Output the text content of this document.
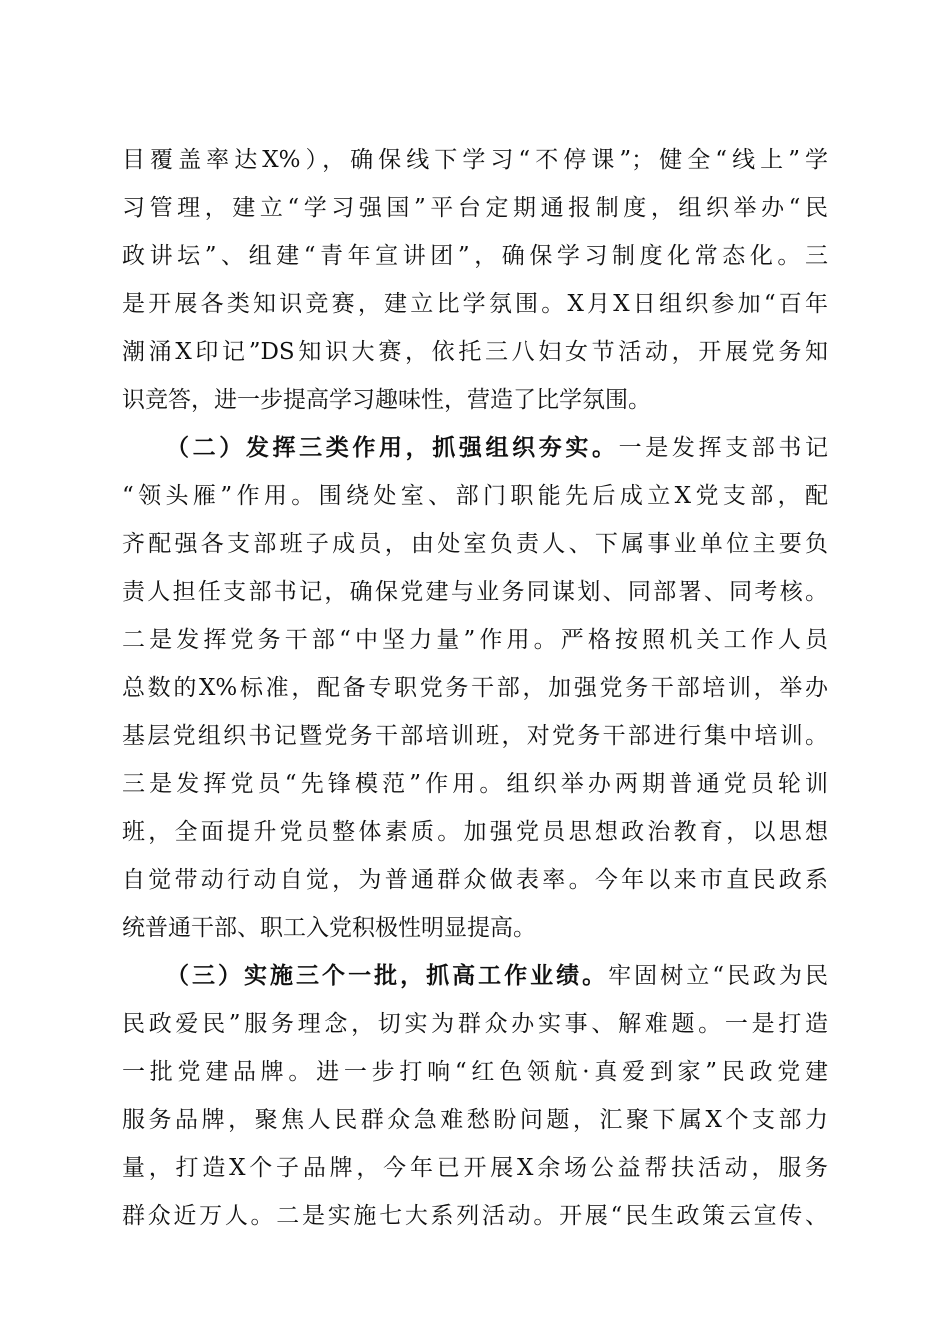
目覆盖率达X%），确保线下学习“不停课”；健全“线上”学

习管理，建立“学习强国”平台定期通报制度，组织举办“民

政讲坛”、组建“青年宣讲团”，确保学习制度化常态化。三

是开展各类知识竞赛，建立比学氛围。X月X日组织参加“百年

潮涌X印记”DS知识大赛，依托三八妇女节活动，开展党务知

识竞答，进一步提高学习趣味性，营造了比学氛围。

（二）发挥三类作用，抓强组织夯实。一是发挥支部书记

“领头雁”作用。围绕处室、部门职能先后成立X党支部，配

齐配强各支部班子成员，由处室负责人、下属事业单位主要负

责人担任支部书记，确保党建与业务同谋划、同部署、同考核。

二是发挥党务干部“中坚力量”作用。严格按照机关工作人员

总数的X%标准，配备专职党务干部，加强党务干部培训，举办

基层党组织书记暨党务干部培训班，对党务干部进行集中培训。

三是发挥党员“先锋模范”作用。组织举办两期普通党员轮训

班，全面提升党员整体素质。加强党员思想政治教育，以思想

自觉带动行动自觉，为普通群众做表率。今年以来市直民政系

统普通干部、职工入党积极性明显提高。

（三）实施三个一批，抓高工作业绩。牢固树立“民政为民

民政爱民”服务理念，切实为群众办实事、解难题。一是打造

一批党建品牌。进一步打响“红色领航·真爱到家”民政党建

服务品牌，聚焦人民群众急难愁盼问题，汇聚下属X个支部力

量，打造X个子品牌，今年已开展X余场公益帮扶活动，服务

群众近万人。二是实施七大系列活动。开展“民生政策云宣传、
